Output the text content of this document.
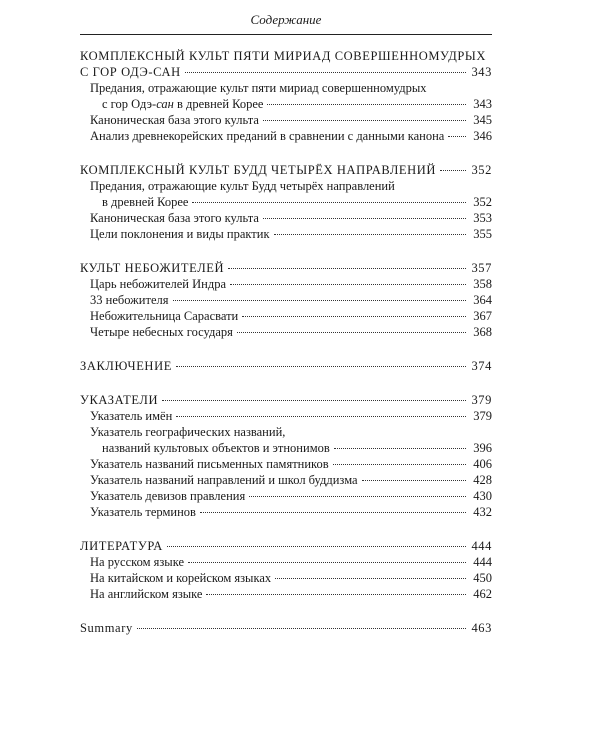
Содержание
КОМПЛЕКСНЫЙ КУЛЬТ ПЯТИ МИРИАД СОВЕРШЕННОМУДРЫХ
С ГОР ОДЭ-САН	343
Предания, отражающие культ пяти мириад совершенномудрых
с гор Одэ-сан в древней Корее	343
Каноническая база этого культа	345
Анализ древнекорейских преданий в сравнении с данными канона 346
КОМПЛЕКСНЫЙ КУЛЬТ БУДД ЧЕТЫРЁХ НАПРАВЛЕНИЙ	352
Предания, отражающие культ Будд четырёх направлений
в древней Корее	352
Каноническая база этого культа	353
Цели поклонения и виды практик	355
КУЛЬТ НЕБОЖИТЕЛЕЙ	357
Царь небожителей Индра	358
33 небожителя	364
Небожительница Сарасвати	367
Четыре небесных государя	368
ЗАКЛЮЧЕНИЕ	374
УКАЗАТЕЛИ	379
Указатель имён	379
Указатель географических названий,
названий культовых объектов и этнонимов	396
Указатель названий письменных памятников	406
Указатель названий направлений и школ буддизма	428
Указатель девизов правления	430
Указатель терминов	432
ЛИТЕРАТУРА	444
На русском языке	444
На китайском и корейском языках	450
На английском языке	462
Summary	463
